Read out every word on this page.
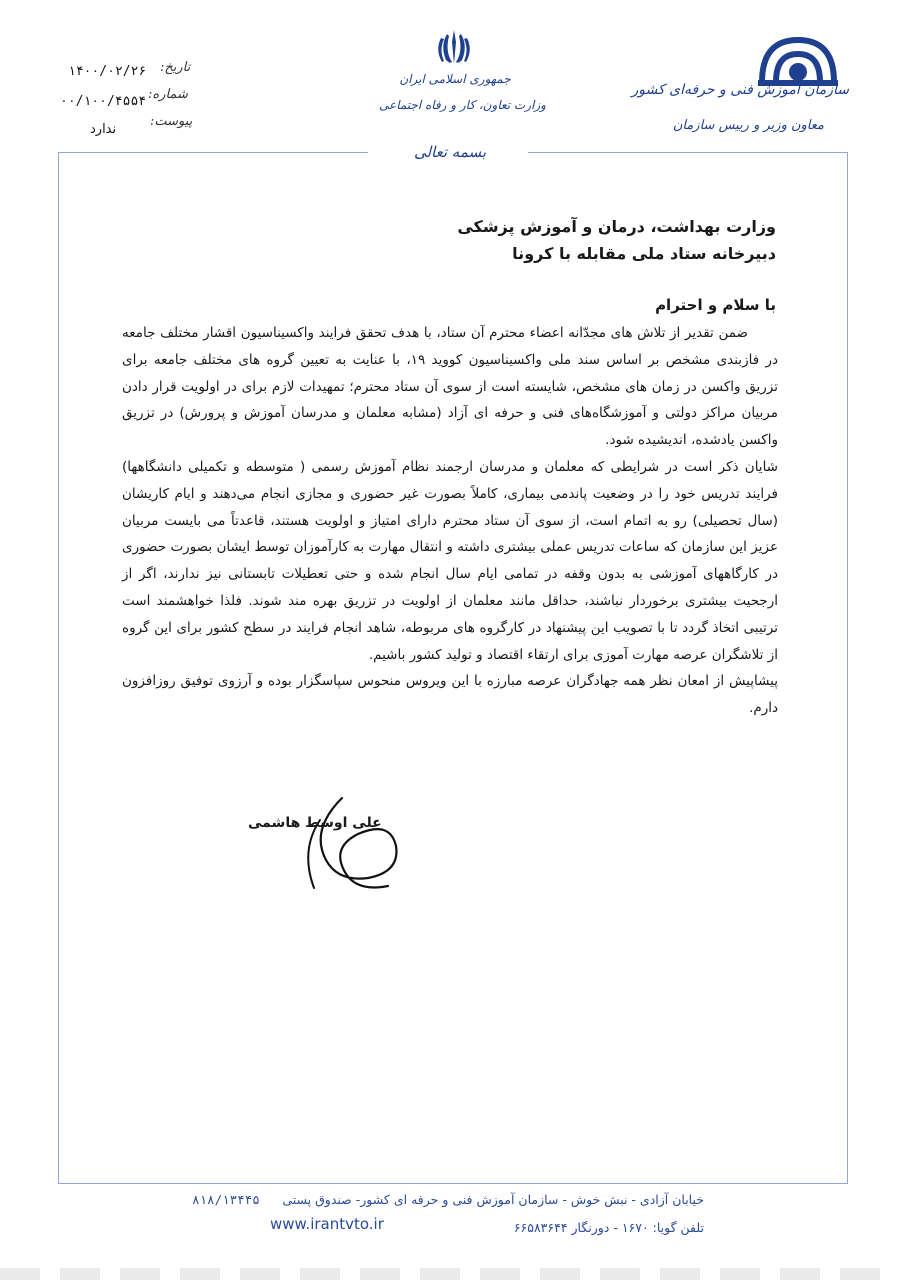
سازمان آموزش فنی و حرفه‌ای کشور
معاون وزیر و رییس سازمان
جمهوری اسلامی ایران
وزارت تعاون، کار و رفاه اجتماعی
تاریخ:
شماره:
پیوست:
۱۴۰۰/۰۲/۲۶
۰۰/۱۰۰/۴۵۵۴
ندارد
بسمه تعالی
وزارت بهداشت، درمان و آموزش پزشکی
دبیرخانه ستاد ملی مقابله با کرونا
با سلام و احترام

ضمن تقدیر از تلاش های مجدّانه اعضاء محترم آن ستاد، با هدف تحقق فرایند واکسیناسیون اقشار مختلف جامعه در فازبندی مشخص بر اساس سند ملی واکسیناسیون کووید ۱۹، با عنایت به تعیین گروه های مختلف جامعه برای تزریق واکسن در زمان های مشخص، شایسته است از سوی آن ستاد محترم؛ تمهیدات لازم برای در اولویت قرار دادن مربیان مراکز دولتی و آموزشگاه‌های فنی و حرفه ای آزاد (مشابه معلمان و مدرسان آموزش و پرورش) در تزریق واکسن یادشده، اندیشیده شود.

شایان ذکر است در شرایطی که معلمان و مدرسان ارجمند نظام آموزش رسمی ( متوسطه و تکمیلی دانشگاهها) فرایند تدریس خود را در وضعیت پاندمی بیماری، کاملاً بصورت غیر حضوری و مجازی انجام می‌دهند و ایام کاریشان (سال تحصیلی) رو به اتمام است، از سوی آن ستاد محترم دارای امتیاز و اولویت هستند، قاعدتاً می بایست مربیان عزیز این سازمان که ساعات تدریس عملی بیشتری داشته و انتقال مهارت به کارآموزان توسط ایشان بصورت حضوری در کارگاههای آموزشی به بدون وقفه در تمامی ایام سال انجام شده و حتی تعطیلات تابستانی نیز ندارند، اگر از ارجحیت بیشتری برخوردار نباشند، حداقل مانند معلمان از اولویت در تزریق بهره مند شوند. فلذا خواهشمند است ترتیبی اتخاذ گردد تا با تصویب این پیشنهاد در کارگروه های مربوطه، شاهد انجام فرایند در سطح کشور برای این گروه از تلاشگران عرصه مهارت آموزی برای ارتقاء اقتصاد و تولید کشور باشیم.

پیشاپیش از امعان نظر همه جهادگران عرصه مبارزه با این ویروس منحوس سپاسگزار بوده و آرزوی توفیق روزافزون دارم.

علی اوسط هاشمی
خیابان آزادی - نبش خوش - سازمان آموزش فنی و حرفه ای کشور- صندوق پستی
۸۱۸/۱۳۴۴۵
تلفن گویا: ۱۶۷۰ - دورنگار ۶۶۵۸۳۶۴۴
www.irantvto.ir
